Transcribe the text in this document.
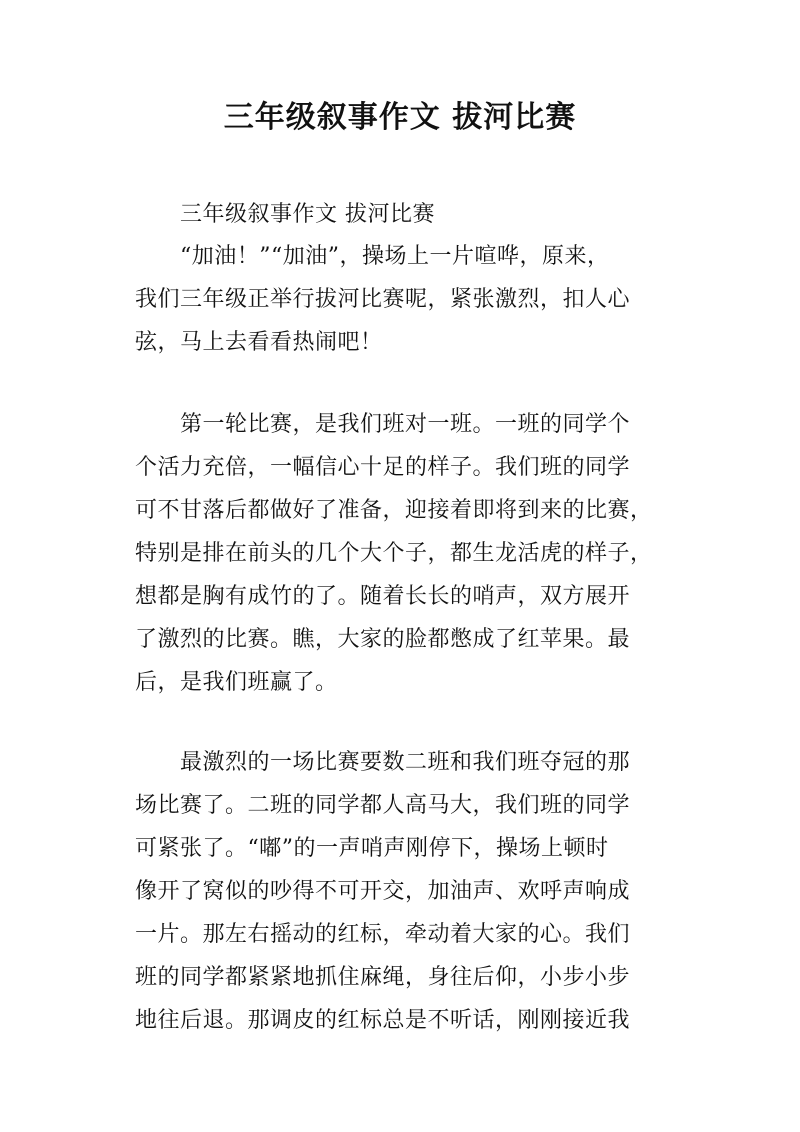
三年级叙事作文 拔河比赛
三年级叙事作文 拔河比赛
“加油！”“加油”，操场上一片喧哗，原来，
我们三年级正举行拔河比赛呢，紧张激烈，扣人心
弦，马上去看看热闹吧！
第一轮比赛，是我们班对一班。一班的同学个
个活力充倍，一幅信心十足的样子。我们班的同学
可不甘落后都做好了准备，迎接着即将到来的比赛，
特别是排在前头的几个大个子，都生龙活虎的样子，
想都是胸有成竹的了。随着长长的哨声，双方展开
了激烈的比赛。瞧，大家的脸都憋成了红苹果。最
后，是我们班赢了。
最激烈的一场比赛要数二班和我们班夺冠的那
场比赛了。二班的同学都人高马大，我们班的同学
可紧张了。“嘟”的一声哨声刚停下，操场上顿时
像开了窝似的吵得不可开交，加油声、欢呼声响成
一片。那左右摇动的红标，牵动着大家的心。我们
班的同学都紧紧地抓住麻绳，身往后仰，小步小步
地往后退。那调皮的红标总是不听话，刚刚接近我
